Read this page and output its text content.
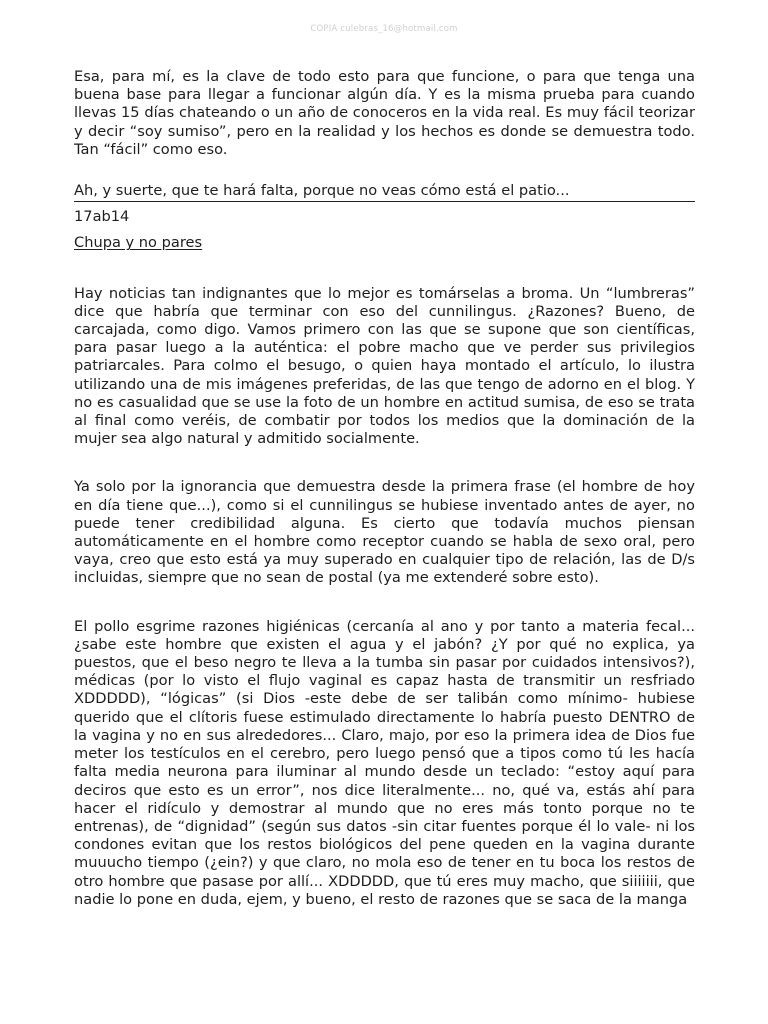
COPIA culebras_16@hotmail.com

Esa, para mí, es la clave de todo esto para que funcione, o para que tenga una buena base para llegar a funcionar algún día. Y es la misma prueba para cuando llevas 15 días chateando o un año de conoceros en la vida real. Es muy fácil teorizar y decir “soy sumiso”, pero en la realidad y los hechos es donde se demuestra todo. Tan “fácil” como eso.

Ah, y suerte, que te hará falta, porque no veas cómo está el patio...

17ab14
Chupa y no pares

Hay noticias tan indignantes que lo mejor es tomárselas a broma. Un “lumbreras” dice que habría que terminar con eso del cunnilingus. ¿Razones? Bueno, de carcajada, como digo. Vamos primero con las que se supone que son científicas, para pasar luego a la auténtica: el pobre macho que ve perder sus privilegios patriarcales. Para colmo el besugo, o quien haya montado el artículo, lo ilustra utilizando una de mis imágenes preferidas, de las que tengo de adorno en el blog. Y no es casualidad que se use la foto de un hombre en actitud sumisa, de eso se trata al final como veréis, de combatir por todos los medios que la dominación de la mujer sea algo natural y admitido socialmente.

Ya solo por la ignorancia que demuestra desde la primera frase (el hombre de hoy en día tiene que...), como si el cunnilingus se hubiese inventado antes de ayer, no puede tener credibilidad alguna. Es cierto que todavía muchos piensan automáticamente en el hombre como receptor cuando se habla de sexo oral, pero vaya, creo que esto está ya muy superado en cualquier tipo de relación, las de D/s incluidas, siempre que no sean de postal (ya me extenderé sobre esto).

El pollo esgrime razones higiénicas (cercanía al ano y por tanto a materia fecal... ¿sabe este hombre que existen el agua y el jabón? ¿Y por qué no explica, ya puestos, que el beso negro te lleva a la tumba sin pasar por cuidados intensivos?), médicas (por lo visto el flujo vaginal es capaz hasta de transmitir un resfriado XDDDDD), “lógicas” (si Dios -este debe de ser talibán como mínimo- hubiese querido que el clítoris fuese estimulado directamente lo habría puesto DENTRO de la vagina y no en sus alrededores... Claro, majo, por eso la primera idea de Dios fue meter los testículos en el cerebro, pero luego pensó que a tipos como tú les hacía falta media neurona para iluminar al mundo desde un teclado: “estoy aquí para deciros que esto es un error”, nos dice literalmente... no, qué va, estás ahí para hacer el ridículo y demostrar al mundo que no eres más tonto porque no te entrenas), de “dignidad” (según sus datos -sin citar fuentes porque él lo vale- ni los condones evitan que los restos biológicos del pene queden en la vagina durante muuucho tiempo (¿ein?) y que claro, no mola eso de tener en tu boca los restos de otro hombre que pasase por allí... XDDDDD, que tú eres muy macho, que siiiiiii, que nadie lo pone en duda, ejem, y bueno, el resto de razones que se saca de la manga
